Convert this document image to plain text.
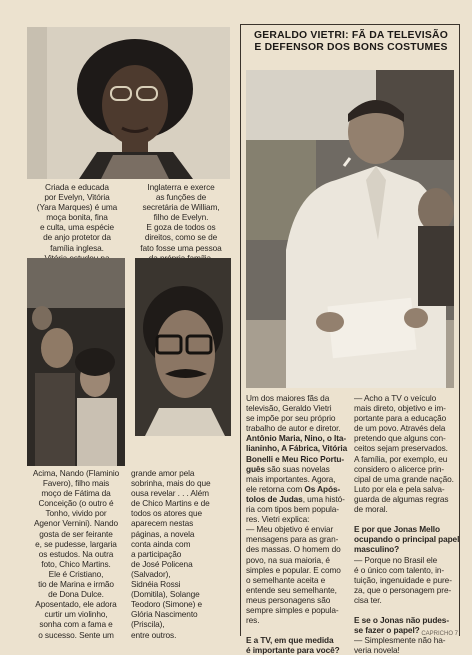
Criada e educada
por Evelyn, Vitória
(Yara Marques) é uma
moça bonita, fina
e culta, uma espécie
de anjo protetor da
família inglesa.
Inglaterra e exerce
as funções de
secretária de William,
filho de Evelyn.
E goza de todos os
direitos, como se de
fato fosse uma pessoa
Acima, Nando (Flaminio
Favero), filho mais
moço de Fátima da
Conceição (o outro é
Tonho, vivido por
Agenor Vernini). Nando
gosta de ser feirante
e, se pudesse, largaria
os estudos. Na outra
foto, Chico Martins.
Ele é Cristiano,
tio de Marina e irmão
de Dona Dulce.
Aposentado, ele adora
curtir um violinho,
sonha com a fama e
o sucesso. Sente um
grande amor pela
sobrinha, mais do que
ousa revelar . . . Além
de Chico Martins e de
todos os atores que
aparecem nestas
páginas, a novela
conta ainda com
a participação
de José Policena
(Salvador),
Sidnéia Rossi
(Domitila), Solange
Teodoro (Simone) e
Glória Nascimento
(Priscila),
entre outros.
GERALDO VIETRI: FÃ DA TELEVISÃO
E DEFENSOR DOS BONS COSTUMES
Um dos maiores fãs da
televisão, Geraldo Vietri
se impõe por seu próprio
trabalho de autor e diretor.
Antônio Maria, Nino, o Ita-
lianinho, A Fábrica, Vitória
Bonelli e Meu Rico Portu-
guês são suas novelas
mais importantes. Agora,
ele retorna com Os Após-
tolos de Judas, uma histó-
ria com tipos bem popula-
res. Vietri explica:
— Meu objetivo é enviar
mensagens para as gran-
des massas. O homem do
povo, na sua maioria, é
simples e popular. E como
o semelhante aceita e
entende seu semelhante,
meus personagens são
sempre simples e popula-
res.

E a TV, em que medida
é importante para você?
— Acho a TV o veículo
mais direto, objetivo e im-
portante para a educação
de um povo. Através dela
pretendo que alguns con-
ceitos sejam preservados.
A família, por exemplo, eu
considero o alicerce prin-
cipal de uma grande nação.
Luto por ela e pela salva-
guarda de algumas regras
de moral.

E por que Jonas Mello
ocupando o principal papel
masculino?
— Porque no Brasil ele
é o único com talento, in-
tuição, ingenuidade e pure-
za, que o personagem pre-
cisa ter.

E se o Jonas não pudes-
se fazer o papel?
— Simplesmente não ha-
veria novela!
CAPRICHO 7
